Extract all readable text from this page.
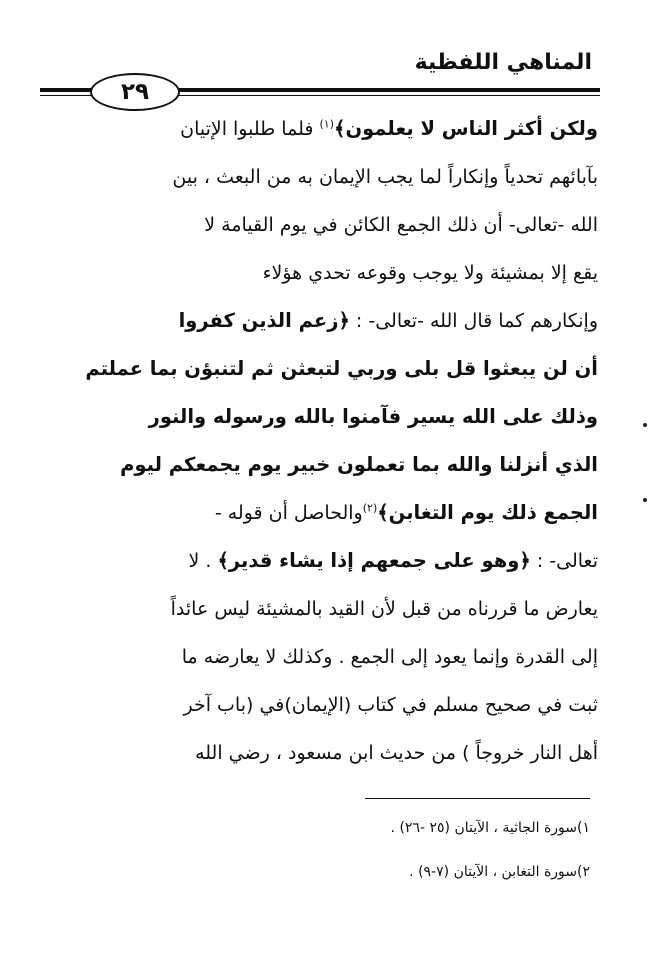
المناهي اللفظية
٢٩
ولكن أكثر الناس لا يعلمون﴾$^{(١)}$ فلما طلبوا الإتيان
بآبائهم تحدياً وإنكاراً لما يجب الإيمان به من البعث ، بين
الله -تعالى- أن ذلك الجمع الكائن في يوم القيامة لا
يقع إلا بمشيئة ولا يوجب وقوعه تحدي هؤلاء
وإنكارهم كما قال الله -تعالى- : ﴿زعم الذين كفروا
أن لن يبعثوا قل بلى وربي لتبعثن ثم لتنبؤن بما عملتم
وذلك على الله يسير فآمنوا بالله ورسوله والنور
الذي أنزلنا والله بما تعملون خبير يوم يجمعكم ليوم
الجمع ذلك يوم التغابن﴾$^{(٢)}$والحاصل أن قوله -
تعالى- : ﴿وهو على جمعهم إذا يشاء قدير﴾ . لا
يعارض ما قررناه من قبل لأن القيد بالمشيئة ليس عائداً
إلى القدرة وإنما يعود إلى الجمع . وكذلك لا يعارضه ما
ثبت في صحيح مسلم في كتاب (الإيمان)في (باب آخر
أهل النار خروجاً ) من حديث ابن مسعود ، رضي الله
١)سورة الجاثية ، الآيتان (٢٥ -٢٦) .
٢)سورة التغابن ، الآيتان (٧-٩) .
